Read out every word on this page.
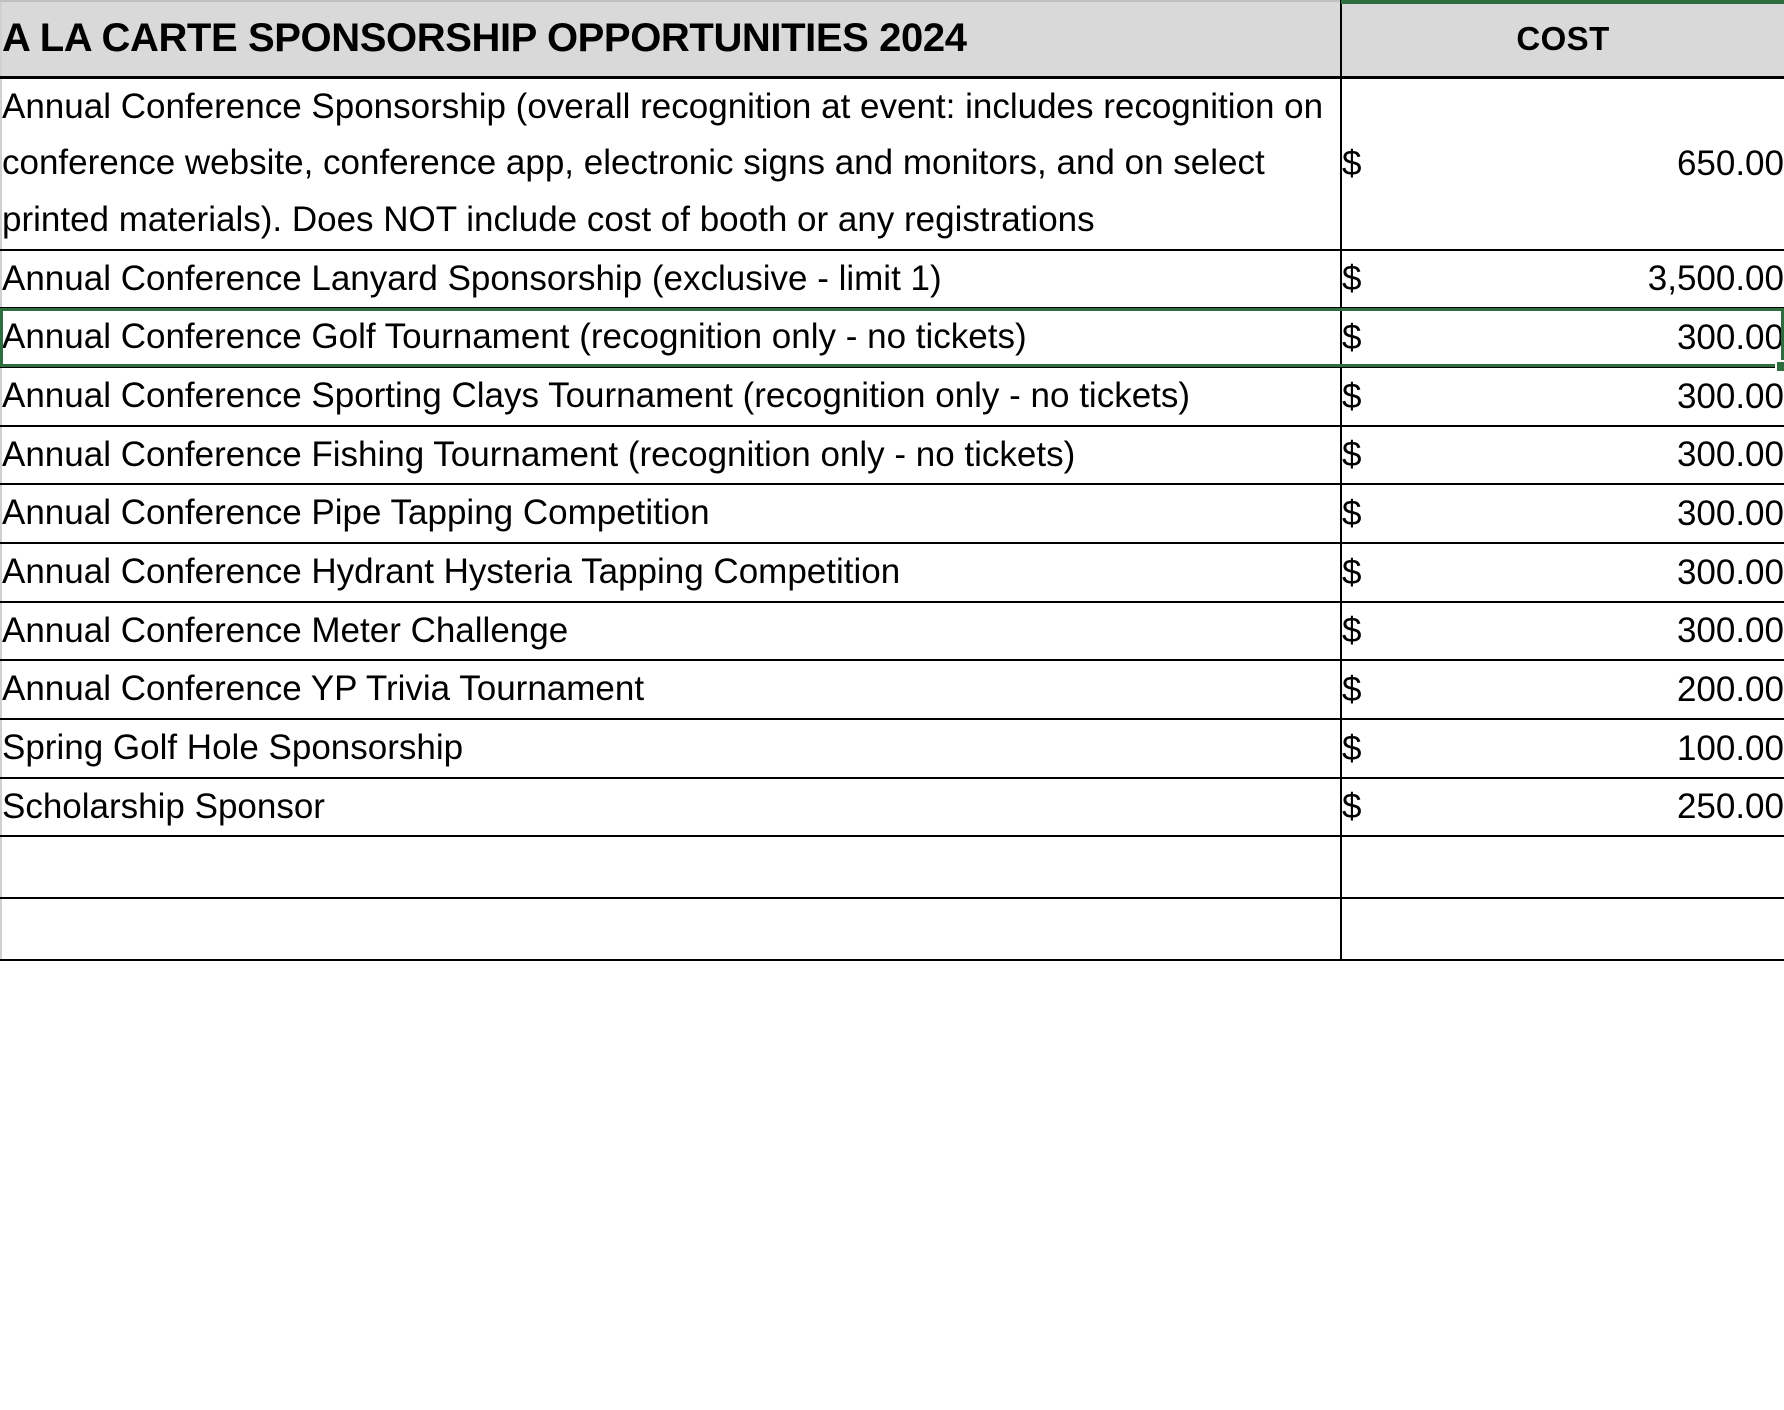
A LA CARTE SPONSORSHIP OPPORTUNITIES 2024	COST
Annual Conference Sponsorship (overall recognition at event: includes recognition on conference website, conference app, electronic signs and monitors, and on select printed materials). Does NOT include cost of booth or any registrations	$ 650.00

Annual Conference Lanyard Sponsorship (exclusive - limit 1)	$ 3,500.00

Annual Conference Golf Tournament (recognition only - no tickets)	$ 300.00

Annual Conference Sporting Clays Tournament (recognition only - no tickets)	$ 300.00

Annual Conference Fishing Tournament (recognition only - no tickets)	$ 300.00

Annual Conference Pipe Tapping Competition	$ 300.00

Annual Conference Hydrant Hysteria Tapping Competition	$ 300.00

Annual Conference Meter Challenge	$ 300.00

Annual Conference YP Trivia Tournament	$ 200.00

Spring Golf Hole Sponsorship	$ 100.00

Scholarship Sponsor	$ 250.00
